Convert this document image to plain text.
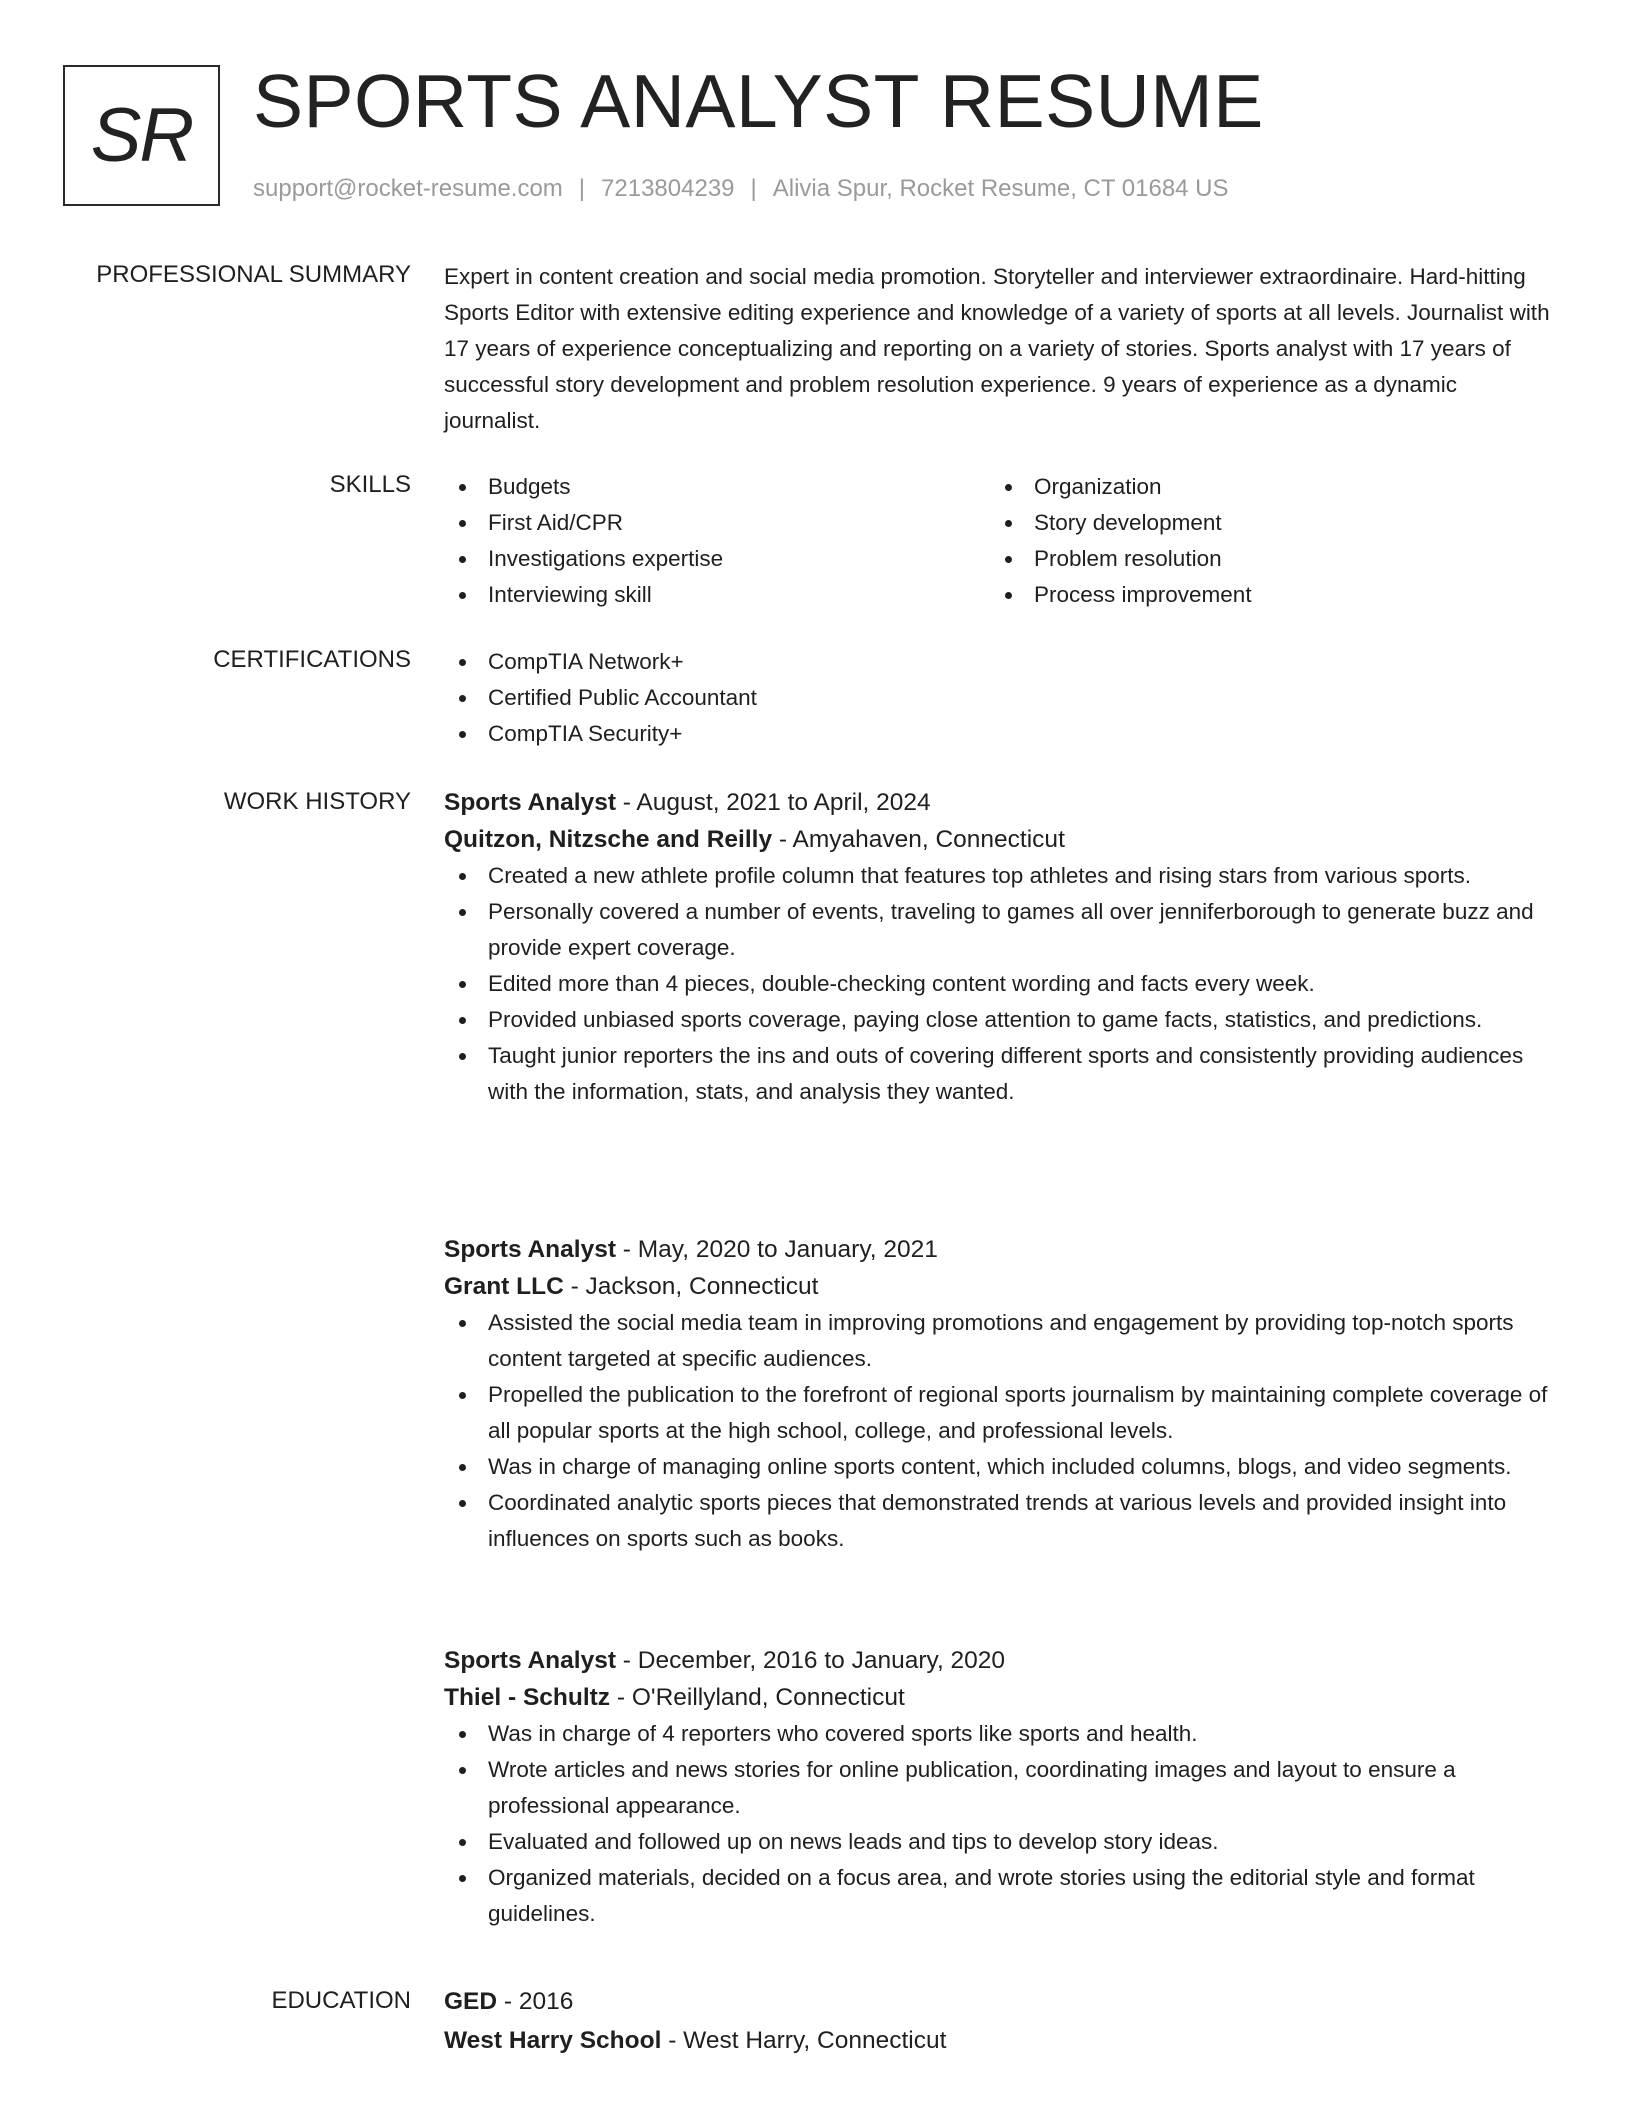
SR SPORTS ANALYST RESUME
support@rocket-resume.com | 7213804239 | Alivia Spur, Rocket Resume, CT 01684 US
PROFESSIONAL SUMMARY Expert in content creation and social media promotion. Storyteller and interviewer extraordinaire. Hard-hitting Sports Editor with extensive editing experience and knowledge of a variety of sports at all levels. Journalist with 17 years of experience conceptualizing and reporting on a variety of stories. Sports analyst with 17 years of successful story development and problem resolution experience. 9 years of experience as a dynamic journalist.

SKILLS	Budgets
First Aid/CPR
Investigations expertise
Interviewing skill
Organization
Story development
Problem resolution
Process improvement
CERTIFICATIONS	CompTIA Network+
Certified Public Accountant
CompTIA Security+
WORK HISTORY Sports Analyst - August, 2021 to April, 2024
Quitzon, Nitzsche and Reilly - Amyahaven, Connecticut
Created a new athlete profile column that features top athletes and rising stars from various sports.
Personally covered a number of events, traveling to games all over jenniferborough to generate buzz and provide expert coverage.
Edited more than 4 pieces, double-checking content wording and facts every week.
Provided unbiased sports coverage, paying close attention to game facts, statistics, and predictions.
Taught junior reporters the ins and outs of covering different sports and consistently providing audiences with the information, stats, and analysis they wanted.
Sports Analyst - May, 2020 to January, 2021
Grant LLC - Jackson, Connecticut
Assisted the social media team in improving promotions and engagement by providing top-notch sports content targeted at specific audiences.
Propelled the publication to the forefront of regional sports journalism by maintaining complete coverage of all popular sports at the high school, college, and professional levels.
Was in charge of managing online sports content, which included columns, blogs, and video segments.
Coordinated analytic sports pieces that demonstrated trends at various levels and provided insight into influences on sports such as books.
Sports Analyst - December, 2016 to January, 2020
Thiel - Schultz - O'Reillyland, Connecticut
Was in charge of 4 reporters who covered sports like sports and health.
Wrote articles and news stories for online publication, coordinating images and layout to ensure a professional appearance.
Evaluated and followed up on news leads and tips to develop story ideas.
Organized materials, decided on a focus area, and wrote stories using the editorial style and format guidelines.
EDUCATION GED - 2016
West Harry School - West Harry, Connecticut
